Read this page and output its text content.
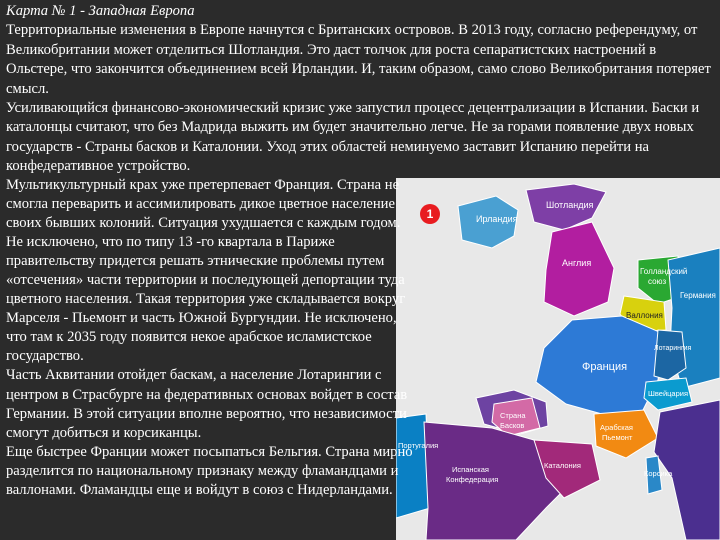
Карта № 1 - Западная Европа

Территориальные изменения в Европе начнутся с Британских островов. В 2013 году, согласно референдуму, от Великобритании может отделиться Шотландия. Это даст толчок для роста сепаратистских настроений в Ольстере, что закончится объединением всей Ирландии. И, таким образом, само слово Великобритания потеряет смысл.

Усиливающийся финансово-экономический кризис уже запустил процесс децентрализации в Испании. Баски и каталонцы считают, что без Мадрида выжить им будет значительно легче. Не за горами появление двух новых государств - Страны басков и Каталонии. Уход этих областей неминуемо заставит Испанию перейти на конфедеративное устройство.

Шотландия
Ирландия
Англия
Голландский
союз
Валлония
Германия
Франция
Лотарингия
Швейцария
Страна
Басков	Арабская
Пьемонт
Португалия
Испанская
Конфедерация
Каталония
Корсика
1

Мультикультурный крах уже претерпевает Франция. Страна не смогла переварить и ассимилировать дикое цветное население своих бывших колоний. Ситуация ухудшается с каждым годом. Не исключено, что по типу 13 -го квартала в Париже правительству придется решать этнические проблемы путем «отсечения» части территории и последующей депортации туда цветного населения. Такая территория уже складывается вокруг Марселя - Пьемонт и часть Южной Бургундии. Не исключено, что там к 2035 году появится некое арабское исламистское государство.

Часть Аквитании отойдет баскам, а население Лотарингии с центром в Страсбурге на федеративных основах войдет в состав Германии. В этой ситуации вполне вероятно, что независимости смогут добиться и корсиканцы.

Еще быстрее Франции может посыпаться Бельгия. Страна мирно разделится по национальному признаку между фламандцами и валлонами. Фламандцы еще и войдут в союз с Нидерландами.
